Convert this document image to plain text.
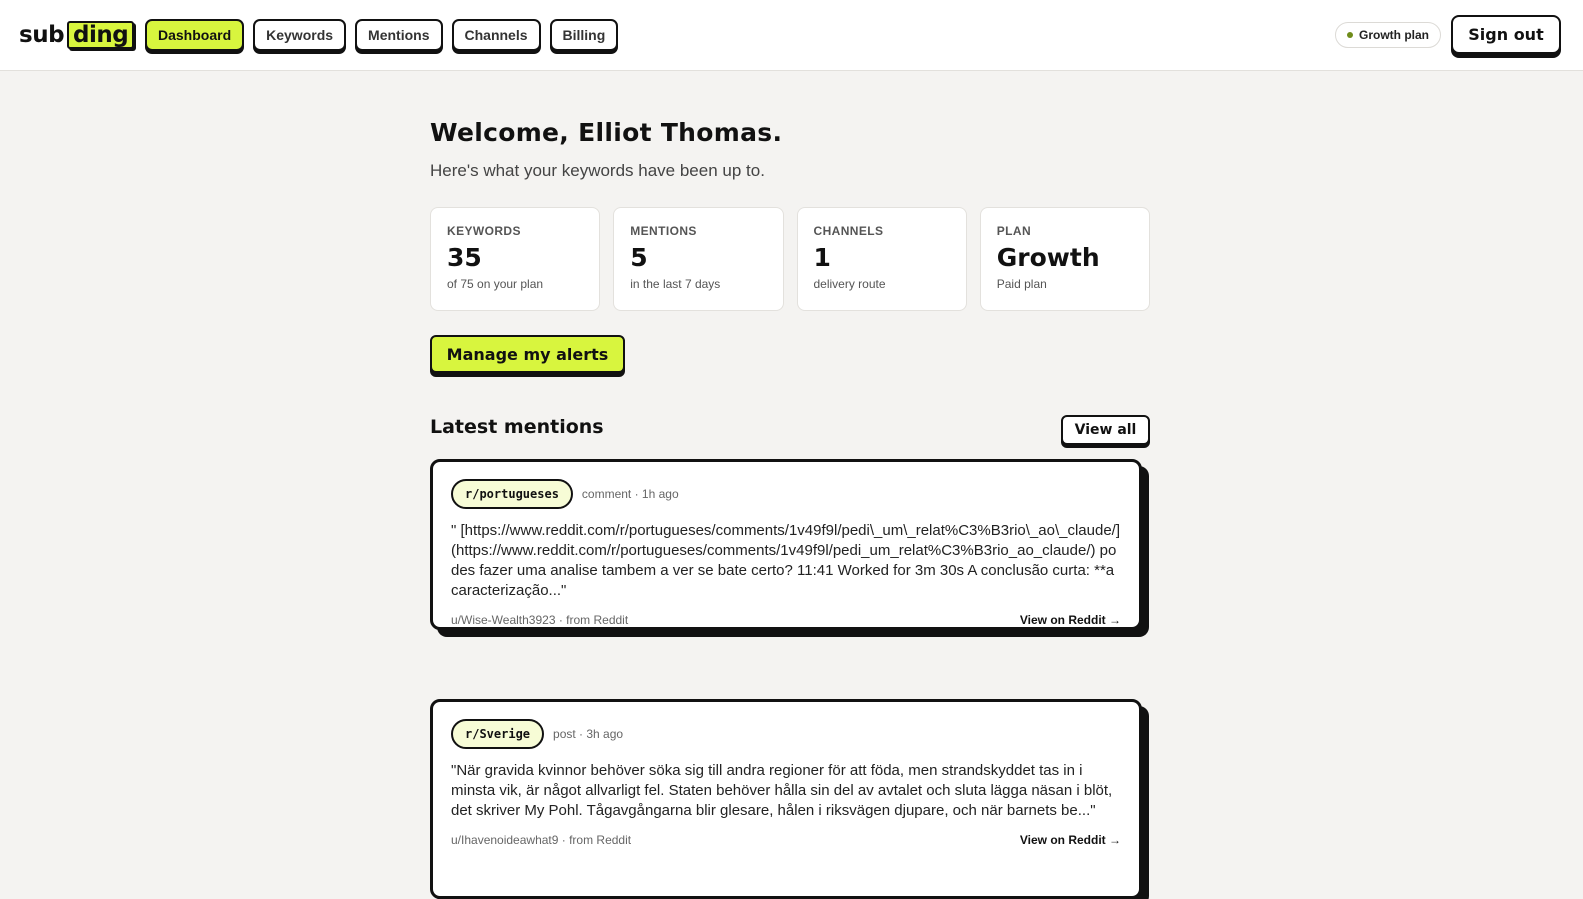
sub ding	Dashboard	Keywords	Mentions	Channels	Billing	Growth plan	Sign out
Welcome, Elliot Thomas.

Here's what your keywords have been up to.

KEYWORDS
35
of 75 on your plan
MENTIONS
5
in the last 7 days
CHANNELS
1
delivery route
PLAN
Growth
Paid plan
Manage my alerts
Latest mentions	View all
r/portugueses	comment · 1h ago
" [https://www.reddit.com/r/portugueses/comments/1v49f9l/pedi\_um\_relat%C3%B3rio\_ao\_claude/] (https://www.reddit.com/r/portugueses/comments/1v49f9l/pedi_um_relat%C3%B3rio_ao_claude/) podes fazer uma analise tambem a ver se bate certo? 11:41 Worked for 3m 30s A conclusão curta: **a caracterização..."
u/Wise-Wealth3923 · from Reddit	View on Reddit →
r/Sverige	post · 3h ago
"När gravida kvinnor behöver söka sig till andra regioner för att föda, men strandskyddet tas in i minsta vik, är något allvarligt fel. Staten behöver hålla sin del av avtalet och sluta lägga näsan i blöt, det skriver My Pohl. Tågavgångarna blir glesare, hålen i riksvägen djupare, och när barnets be..."
u/Ihavenoideawhat9 · from Reddit	View on Reddit →
